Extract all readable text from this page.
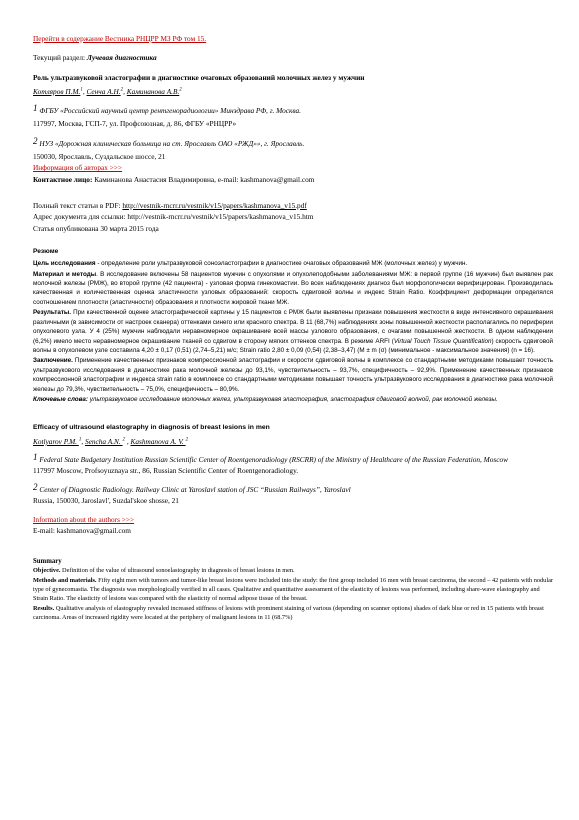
Перейти в содержание Вестника РНЦРР МЗ РФ том 15.

Текущий раздел: Лучевая диагностика

Роль ультразвуковой эластографии в диагностике очаговых образований молочных желез у мужчин

Котляров П.М.$^1$, Сенча А.Н.$^2$, Каминанова А.В.$^2$

1 ФГБУ «Российский научный центр рентгенорадиологии» Минздрава РФ, г. Москва.

117997, Москва, ГСП-7, ул. Профсоюзная, д. 86, ФГБУ «РНЦРР»

2 НУЗ «Дорожная клиническая больница на ст. Ярославль ОАО «РЖД»», г. Ярославль.

150030, Ярославль, Суздальское шоссе, 21

Информация об авторах >>>

Контактное лицо: Каминанова Анастасия Владимировна, e-mail: kashmanova@gmail.com

Полный текст статьи в PDF: http://vestnik-rncrr.ru/vestnik/v15/papers/kashmanova_v15.pdf

Адрес документа для ссылки: http://vestnik-rncrr.ru/vestnik/v15/papers/kashmanova_v15.htm

Статья опубликована 30 марта 2015 года

Резюме

Цель исследования - определение роли ультразвуковой соноэластографии в диагностике очаговых образований МЖ (молочных желез) у мужчин.

Материал и методы. В исследование включены 58 пациентов мужчин с опухолями и опухолеподобными заболеваниями МЖ: в первой группе (16 мужчин) был выявлен рак молочной железы (РМЖ), во второй группе (42 пациента) - узловая форма гинекомастии. Во всех наблюдениях диагноз был морфологически верифицирован. Производилась качественная и количественная оценка эластичности узловых образований: скорость сдвиговой волны и индекс Strain Ratio. Коэффициент деформации определялся соотношением плотности (эластичности) образования и плотности жировой ткани МЖ.

Результаты. При качественной оценке эластографической картины у 15 пациентов с РМЖ были выявлены признаки повышения жесткости в виде интенсивного окрашивания различными (в зависимости от настроек сканера) оттенками синего или красного спектра. В 11 (68,7%) наблюдениях зоны повышенной жесткости располагались по периферии опухолевого узла. У 4 (25%) мужчин наблюдали неравномерное окрашивание всей массы узлового образования, с очагами повышенной жесткости. В одном наблюдении (6,2%) имело место неравномерное окрашивание тканей со сдвигом в сторону мягких оттенков спектра. В режиме ARFI (Virtual Touch Tissue Quantification) скорость сдвиговой волны в опухолевом узле составила 4,20 ± 0,17 (0,51) (2,74–5,21) м/с; Strain ratio 2,80 ± 0,09 (0,54) (2,38–3,47) (M ± m (σ) (минимальное - максимальное значения) (n = 16).

Заключение. Применение качественных признаков компрессионной эластографии и скорости сдвиговой волны в комплексе со стандартными методиками повышает точность ультразвукового исследования в диагностике рака молочной железы до 93,1%, чувствительность – 93,7%, специфичность – 92,9%. Применение качественных признаков компрессионной эластографии и индекса strain ratio в комплексе со стандартными методиками повышает точность ультразвукового исследования в диагностике рака молочной железы до 79,3%, чувствительность – 75,0%, специфичность – 80,9%.

Ключевые слова: ультразвуковое исследование молочных желез, ультразвуковая эластография, эластография сдвиговой волной, рак молочной железы.

Efficacy of ultrasound elastography in diagnosis of breast lesions in men

Kotlyarov P.M. $^1$, Sencha A.N. $^2$ , Kashmanova A. V. $^2$

1 Federal State Budgetary Institution Russian Scientific Center of Roentgenoradiology (RSCRR) of the Ministry of Healthcare of the Russian Federation, Moscow

117997 Moscow, Profsoyuznaya str., 86, Russian Scientific Center of Roentgenoradiology.

2 Center of Diagnostic Radiology. Railway Clinic at Yaroslavl station of JSC “Russian Railways”, Yaroslavl

Russia, 150030, Jaroslavl', Suzdal'skoe shosse, 21

Information about the authors >>>

E-mail: kashmanova@gmail.com

Summary

Objective. Definition of the value of ultrasound sonoelastography in diagnosis of breast lesions in men.

Methods and materials. Fifty eight men with tumors and tumor-like breast lesions were included into the study: the first group included 16 men with breast carcinoma, the second – 42 patients with nodular type of gynecomastia. The diagnosis was morphologically verified in all cases. Qualitative and quantitative assessment of the elasticity of lesions was performed, including share-wave elastography and Strain Ratio. The elasticity of lesions was compared with the elasticity of normal adipose tissue of the breast.

Results. Qualitative analysis of elastography revealed increased stiffness of lesions with prominent staining of various (depending on scanner options) shades of dark blue or red in 15 patients with breast carcinoma. Areas of increased rigidity were located at the periphery of malignant lesions in 11 (68.7%)
